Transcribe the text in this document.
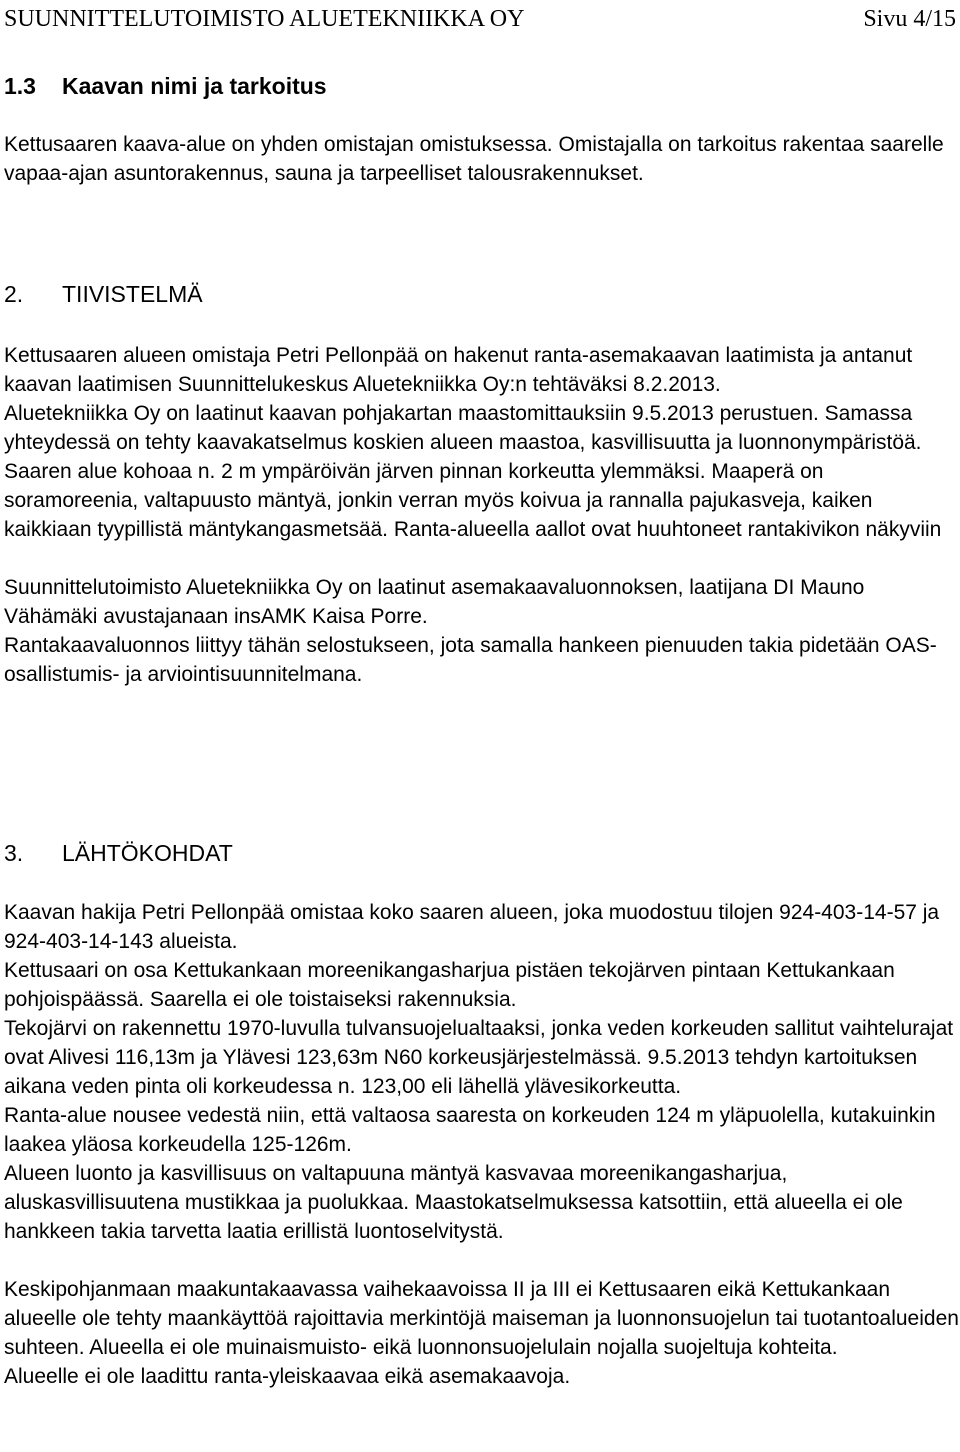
SUUNNITTELUTOIMISTO ALUETEKNIIKKA OY	Sivu 4/15
1.3 Kaavan nimi ja tarkoitus

Kettusaaren kaava-alue on yhden omistajan omistuksessa. Omistajalla on tarkoitus rakentaa saarelle vapaa-ajan asuntorakennus, sauna ja tarpeelliset talousrakennukset.

2. TIIVISTELMÄ

Kettusaaren alueen omistaja Petri Pellonpää on hakenut ranta-asemakaavan laatimista ja antanut kaavan laatimisen Suunnittelukeskus Aluetekniikka Oy:n tehtäväksi 8.2.2013.

Aluetekniikka Oy on laatinut kaavan pohjakartan maastomittauksiin 9.5.2013 perustuen. Samassa yhteydessä on tehty kaavakatselmus koskien alueen maastoa, kasvillisuutta ja luonnonympäristöä.

Saaren alue kohoaa n. 2 m ympäröivän järven pinnan korkeutta ylemmäksi. Maaperä on soramoreenia, valtapuusto mäntyä, jonkin verran myös koivua ja rannalla pajukasveja, kaiken kaikkiaan tyypillistä mäntykangasmetsää. Ranta-alueella aallot ovat huuhtoneet rantakivikon näkyviin

Suunnittelutoimisto Aluetekniikka Oy on laatinut asemakaavaluonnoksen, laatijana DI Mauno Vähämäki avustajanaan insAMK Kaisa Porre.

Rantakaavaluonnos liittyy tähän selostukseen, jota samalla hankeen pienuuden takia pidetään OAS- osallistumis- ja arviointisuunnitelmana.

3. LÄHTÖKOHDAT

Kaavan hakija Petri Pellonpää omistaa koko saaren alueen, joka muodostuu tilojen 924-403-14-57 ja 924-403-14-143 alueista.

Kettusaari on osa Kettukankaan moreenikangasharjua pistäen tekojärven pintaan Kettukankaan pohjoispäässä. Saarella ei ole toistaiseksi rakennuksia.

Tekojärvi on rakennettu 1970-luvulla tulvansuojelualtaaksi, jonka veden korkeuden sallitut vaihtelurajat ovat Alivesi 116,13m ja Ylävesi 123,63m N60 korkeusjärjestelmässä. 9.5.2013 tehdyn kartoituksen aikana veden pinta oli korkeudessa n. 123,00 eli lähellä ylävesikorkeutta.

Ranta-alue nousee vedestä niin, että valtaosa saaresta on korkeuden 124 m yläpuolella, kutakuinkin laakea yläosa korkeudella 125-126m.

Alueen luonto ja kasvillisuus on valtapuuna mäntyä kasvavaa moreenikangasharjua, aluskasvillisuutena mustikkaa ja puolukkaa. Maastokatselmuksessa katsottiin, että alueella ei ole hankkeen takia tarvetta laatia erillistä luontoselvitystä.

Keskipohjanmaan maakuntakaavassa vaihekaavoissa II ja III ei Kettusaaren eikä Kettukankaan alueelle ole tehty maankäyttöä rajoittavia merkintöjä maiseman ja luonnonsuojelun tai tuotantoalueiden suhteen. Alueella ei ole muinaismuisto- eikä luonnonsuojelulain nojalla suojeltuja kohteita.

Alueelle ei ole laadittu ranta-yleiskaavaa eikä asemakaavoja.
